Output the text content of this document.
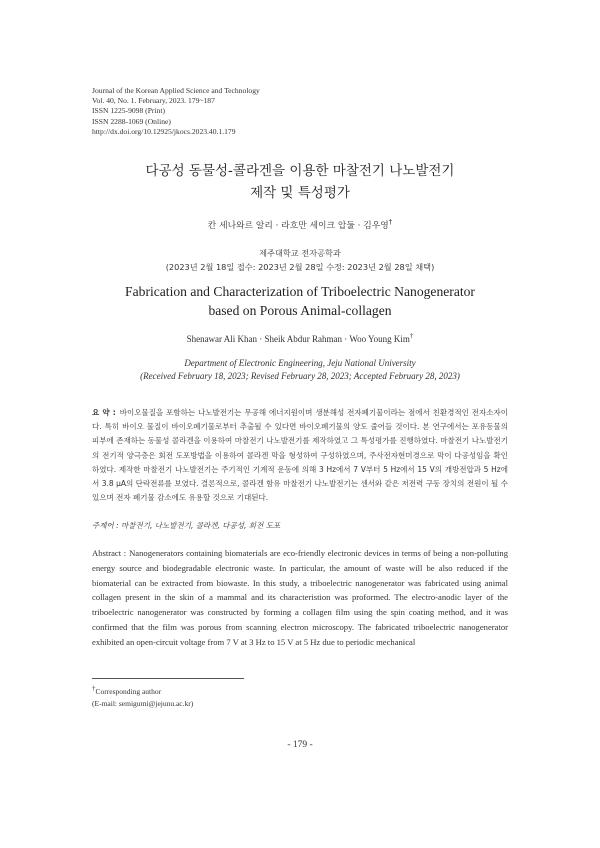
Journal of the Korean Applied Science and Technology
Vol. 40, No. 1. February, 2023. 179~187
ISSN 1225-9098 (Print)
ISSN 2288-1069 (Online)
http://dx.doi.org/10.12925/jkocs.2023.40.1.179
다공성 동물성-콜라겐을 이용한 마찰전기 나노발전기
제작 및 특성평가
칸 세나와르 알리 · 라흐만 세이크 압둘 · 김우영†
제주대학교 전자공학과
(2023년 2월 18일 접수: 2023년 2월 28일 수정: 2023년 2월 28일 채택)
Fabrication and Characterization of Triboelectric Nanogenerator
based on Porous Animal-collagen
Shenawar Ali Khan · Sheik Abdur Rahman · Woo Young Kim†
Department of Electronic Engineering, Jeju National University
(Received February 18, 2023; Revised February 28, 2023; Accepted February 28, 2023)
요 약 : 바이오물질을 포함하는 나노발전기는 무공해 에너지원이며 생분해성 전자폐기물이라는 점에서 친환경적인 전자소자이다. 특히 바이오 물질이 바이오폐기물로부터 추출될 수 있다면 바이오폐기물의 양도 줄어들 것이다. 본 연구에서는 포유동물의 피부에 존재하는 동물성 콜라겐을 이용하여 마찰전기 나노발전기를 제작하였고 그 특성평가를 진행하였다. 마찰전기 나노발전기의 전기적 양극층은 회전 도포방법을 이용하여 콜라겐 막을 형성하여 구성하였으며, 주사전자현미경으로 막이 다공성임을 확인하였다. 제작한 마찰전기 나노발전기는 주기적인 기계적 운동에 의해 3 Hz에서 7 V부터 5 Hz에서 15 V의 개방전압과 5 Hz에서 3.8 μA의 단락전류를 보였다. 결론적으로, 콜라겐 함유 마찰전기 나노발전기는 센서와 같은 저전력 구동 장치의 전원이 될 수 있으며 전자 폐기물 감소에도 유용할 것으로 기대된다.
주제어 : 마찰전기, 나노발전기, 콜라겐, 다공성, 회전 도포
Abstract : Nanogenerators containing biomaterials are eco-friendly electronic devices in terms of being a non-polluting energy source and biodegradable electronic waste. In particular, the amount of waste will be also reduced if the biomaterial can be extracted from biowaste. In this study, a triboelectric nanogenerator was fabricated using animal collagen present in the skin of a mammal and its characteristion was proformed. The electro-anodic layer of the triboelectric nanogenerator was constructed by forming a collagen film using the spin coating method, and it was confirmed that the film was porous from scanning electron microscopy. The fabricated triboelectric nanogenerator exhibited an open-circuit voltage from 7 V at 3 Hz to 15 V at 5 Hz due to periodic mechanical
†Corresponding author
(E-mail: semigumi@jejunu.ac.kr)
- 179 -
